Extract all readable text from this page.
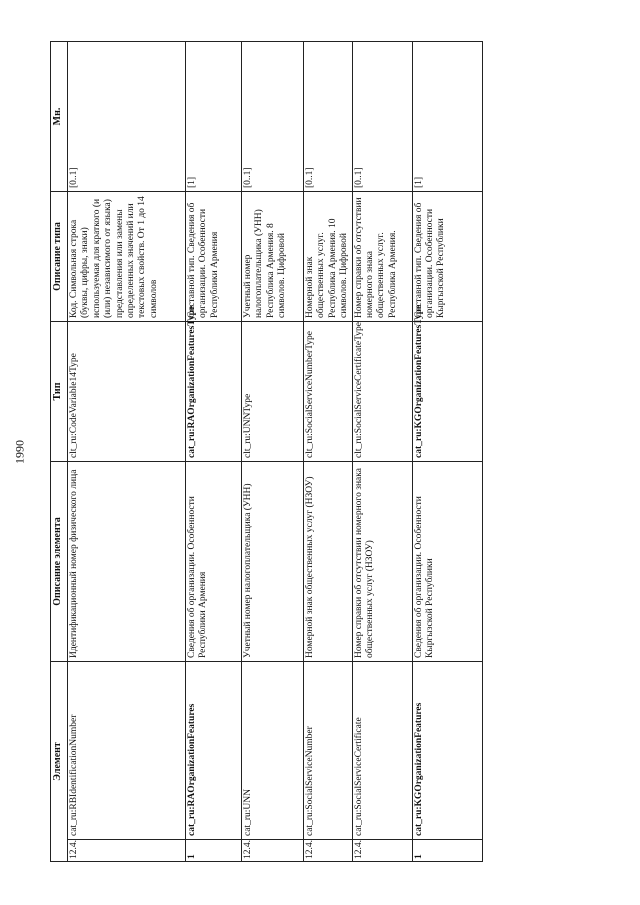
1990
Элемент		Описание элемента	Тип	Описание типа	Мн.
12.4.	cat_ru:RBIdentificationNumber	Идентификационный номер физического лица	clt_ru:CodeVariable14Type	Код. Символьная строка (буквы, цифры, знаки) используемая для краткого (и (или) независимого от языка) представления или замены определенных значений или текстовых свойств. От 1 до 14 символов	[0..1]
1	cat_ru:RAOrganizationFeatures	Сведения об организации. Особенности Республики Армения	cat_ru:RAOrganizationFeaturesType	Составной тип. Сведения об организации. Особенности Республики Армения	[1]
12.4.	cat_ru:UNN	Учетный номер налогоплательщика (УНН)	clt_ru:UNNType	Учетный номер налогоплательщика (УНН) Республика Армения. 8 символов. Цифровой	[0..1]
12.4.	cat_ru:SocialServiceNumber	Номерной знак общественных услуг (НЗОУ)	clt_ru:SocialServiceNumberType	Номерной знак общественных услуг. Республика Армения. 10 символов. Цифровой	[0..1]
12.4.	cat_ru:SocialServiceCertificate	Номер справки об отсутствии номерного знака общественных услуг (НЗОУ)	clt_ru:SocialServiceCertificateType	Номер справки об отсутствии номерного знака общественных услуг. Республика Армения.	[0..1]
1	cat_ru:KGOrganizationFeatures	Сведения об организации. Особенности Кыргызской Республики	cat_ru:KGOrganizationFeaturesType	Составной тип. Сведения об организации. Особенности Кыргызской Республики	[1]
